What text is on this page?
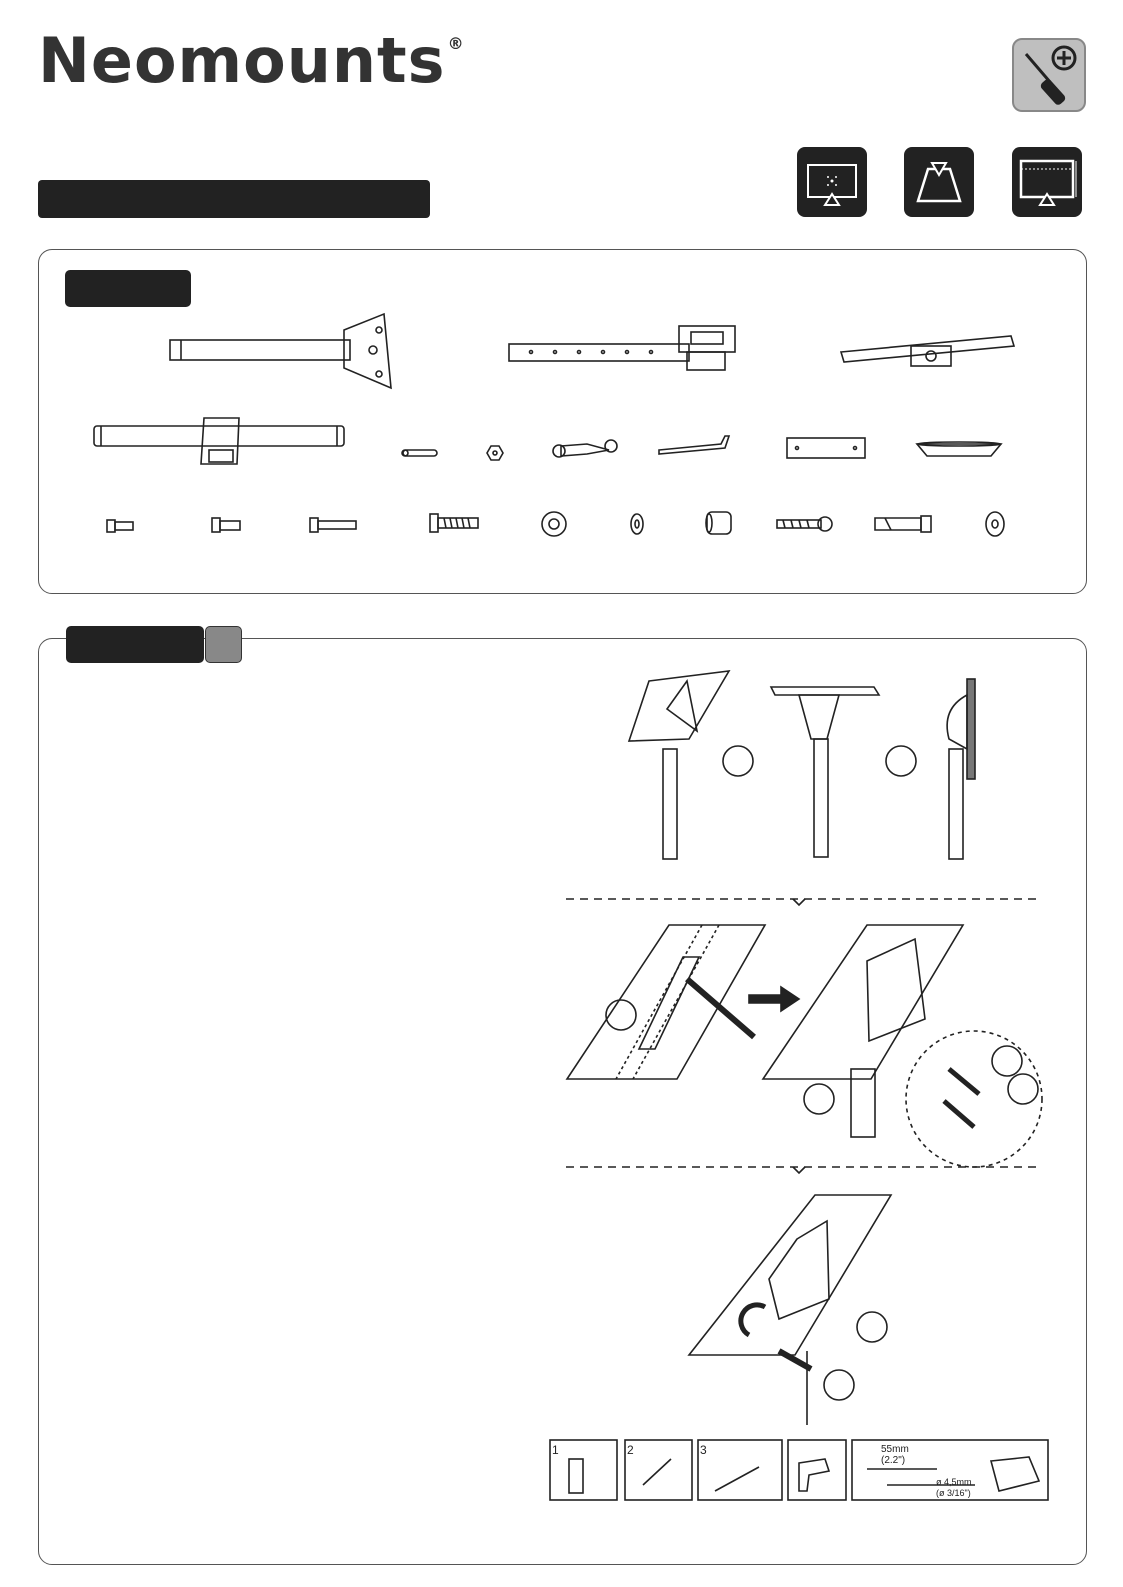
Neomounts ®
1	2	3	55mm
(2.2")
ø 4,5mm
(ø 3/16")
